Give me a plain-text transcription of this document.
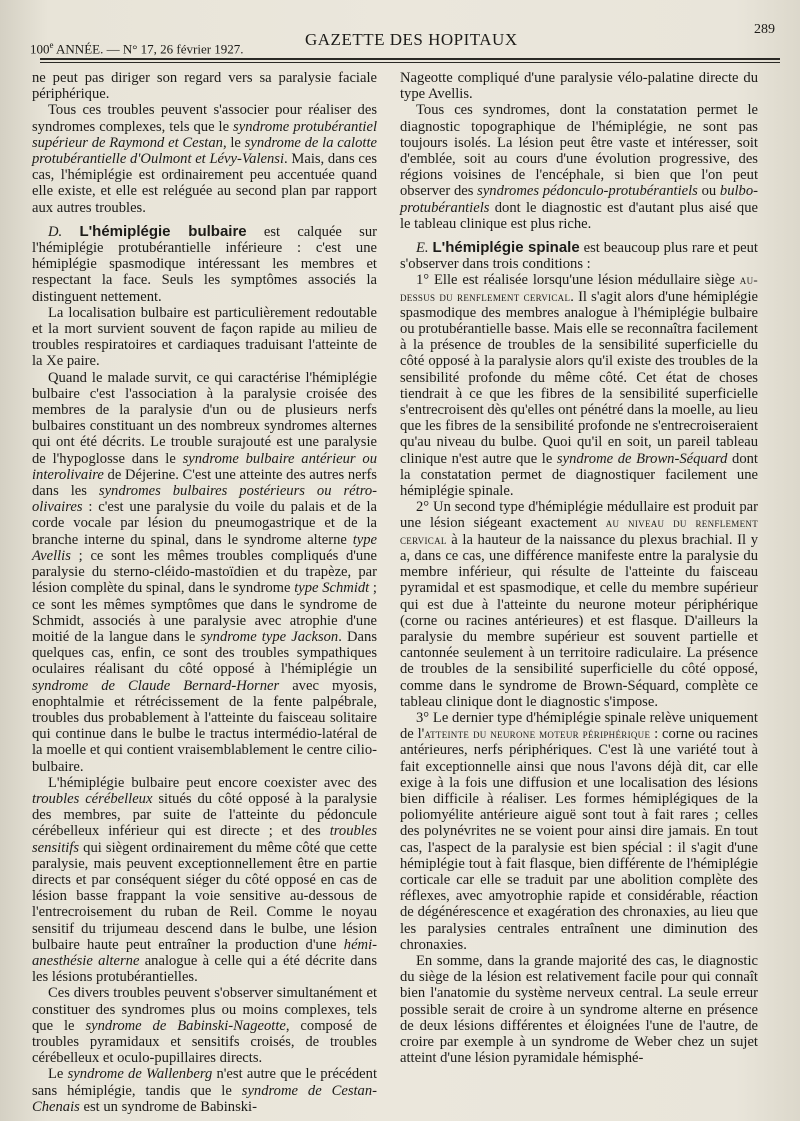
100e ANNÉE. — N° 17, 26 février 1927.	GAZETTE DES HOPITAUX
289

ne peut pas diriger son regard vers sa paralysie faciale périphérique.

Tous ces troubles peuvent s'associer pour réaliser des syndromes complexes, tels que le syndrome protubérantiel supérieur de Raymond et Cestan, le syndrome de la calotte protubérantielle d'Oulmont et Lévy-Valensi. Mais, dans ces cas, l'hémiplégie est ordinairement peu accentuée quand elle existe, et elle est reléguée au second plan par rapport aux autres troubles.

D. L'hémiplégie bulbaire est calquée sur l'hémiplégie protubérantielle inférieure : c'est une hémiplégie spasmodique intéressant les membres et respectant la face. Seuls les symptômes associés la distinguent nettement.

La localisation bulbaire est particulièrement redoutable et la mort survient souvent de façon rapide au milieu de troubles respiratoires et cardiaques traduisant l'atteinte de la Xe paire.

Quand le malade survit, ce qui caractérise l'hémiplégie bulbaire c'est l'association à la paralysie croisée des membres de la paralysie d'un ou de plusieurs nerfs bulbaires constituant un des nombreux syndromes alternes qui ont été décrits. Le trouble surajouté est une paralysie de l'hypoglosse dans le syndrome bulbaire antérieur ou interolivaire de Déjerine. C'est une atteinte des autres nerfs dans les syndromes bulbaires postérieurs ou rétro-olivaires : c'est une paralysie du voile du palais et de la corde vocale par lésion du pneumogastrique et de la branche interne du spinal, dans le syndrome alterne type Avellis ; ce sont les mêmes troubles compliqués d'une paralysie du sterno-cléido-mastoïdien et du trapèze, par lésion complète du spinal, dans le syndrome type Schmidt ; ce sont les mêmes symptômes que dans le syndrome de Schmidt, associés à une paralysie avec atrophie d'une moitié de la langue dans le syndrome type Jackson. Dans quelques cas, enfin, ce sont des troubles sympathiques oculaires réalisant du côté opposé à l'hémiplégie un syndrome de Claude Bernard-Horner avec myosis, enophtalmie et rétrécissement de la fente palpébrale, troubles dus probablement à l'atteinte du faisceau solitaire qui continue dans le bulbe le tractus intermédio-latéral de la moelle et qui contient vraisemblablement le centre cilio-bulbaire.

L'hémiplégie bulbaire peut encore coexister avec des troubles cérébelleux situés du côté opposé à la paralysie des membres, par suite de l'atteinte du pédoncule cérébelleux inférieur qui est directe ; et des troubles sensitifs qui siègent ordinairement du même côté que cette paralysie, mais peuvent exceptionnellement être en partie directs et par conséquent siéger du côté opposé en cas de lésion basse frappant la voie sensitive au-dessous de l'entrecroisement du ruban de Reil. Comme le noyau sensitif du trijumeau descend dans le bulbe, une lésion bulbaire haute peut entraîner la production d'une hémi-anesthésie alterne analogue à celle qui a été décrite dans les lésions protubérantielles.

Ces divers troubles peuvent s'observer simultanément et constituer des syndromes plus ou moins complexes, tels que le syndrome de Babinski-Nageotte, composé de troubles pyramidaux et sensitifs croisés, de troubles cérébelleux et oculo-pupillaires directs.

Le syndrome de Wallenberg n'est autre que le précédent sans hémiplégie, tandis que le syndrome de Cestan-Chenais est un syndrome de Babinski-

Nageotte compliqué d'une paralysie vélo-palatine directe du type Avellis.

Tous ces syndromes, dont la constatation permet le diagnostic topographique de l'hémiplégie, ne sont pas toujours isolés. La lésion peut être vaste et intéresser, soit d'emblée, soit au cours d'une évolution progressive, des régions voisines de l'encéphale, si bien que l'on peut observer des syndromes pédonculo-protubérantiels ou bulbo-protubérantiels dont le diagnostic est d'autant plus aisé que le tableau clinique est plus riche.

E. L'hémiplégie spinale est beaucoup plus rare et peut s'observer dans trois conditions :

1° Elle est réalisée lorsqu'une lésion médullaire siège au-dessus du renflement cervical. Il s'agit alors d'une hémiplégie spasmodique des membres analogue à l'hémiplégie bulbaire ou protubérantielle basse. Mais elle se reconnaîtra facilement à la présence de troubles de la sensibilité superficielle du côté opposé à la paralysie alors qu'il existe des troubles de la sensibilité profonde du même côté. Cet état de choses tiendrait à ce que les fibres de la sensibilité superficielle s'entrecroisent dès qu'elles ont pénétré dans la moelle, au lieu que les fibres de la sensibilité profonde ne s'entrecroiseraient qu'au niveau du bulbe. Quoi qu'il en soit, un pareil tableau clinique n'est autre que le syndrome de Brown-Séquard dont la constatation permet de diagnostiquer facilement une hémiplégie spinale.

2° Un second type d'hémiplégie médullaire est produit par une lésion siégeant exactement au niveau du renflement cervical à la hauteur de la naissance du plexus brachial. Il y a, dans ce cas, une différence manifeste entre la paralysie du membre inférieur, qui résulte de l'atteinte du faisceau pyramidal et est spasmodique, et celle du membre supérieur qui est due à l'atteinte du neurone moteur périphérique (corne ou racines antérieures) et est flasque. D'ailleurs la paralysie du membre supérieur est souvent partielle et cantonnée seulement à un territoire radiculaire. La présence de troubles de la sensibilité superficielle du côté opposé, comme dans le syndrome de Brown-Séquard, complète ce tableau clinique dont le diagnostic s'impose.

3° Le dernier type d'hémiplégie spinale relève uniquement de l'atteinte du neurone moteur périphérique : corne ou racines antérieures, nerfs périphériques. C'est là une variété tout à fait exceptionnelle ainsi que nous l'avons déjà dit, car elle exige à la fois une diffusion et une localisation des lésions bien difficile à réaliser. Les formes hémiplégiques de la poliomyélite antérieure aiguë sont tout à fait rares ; celles des polynévrites ne se voient pour ainsi dire jamais. En tout cas, l'aspect de la paralysie est bien spécial : il s'agit d'une hémiplégie tout à fait flasque, bien différente de l'hémiplégie corticale car elle se traduit par une abolition complète des réflexes, avec amyotrophie rapide et considérable, réaction de dégénérescence et exagération des chronaxies, au lieu que les paralysies centrales entraînent une diminution des chronaxies.

En somme, dans la grande majorité des cas, le diagnostic du siège de la lésion est relativement facile pour qui connaît bien l'anatomie du système nerveux central. La seule erreur possible serait de croire à un syndrome alterne en présence de deux lésions différentes et éloignées l'une de l'autre, de croire par exemple à un syndrome de Weber chez un sujet atteint d'une lésion pyramidale hémisphé-
